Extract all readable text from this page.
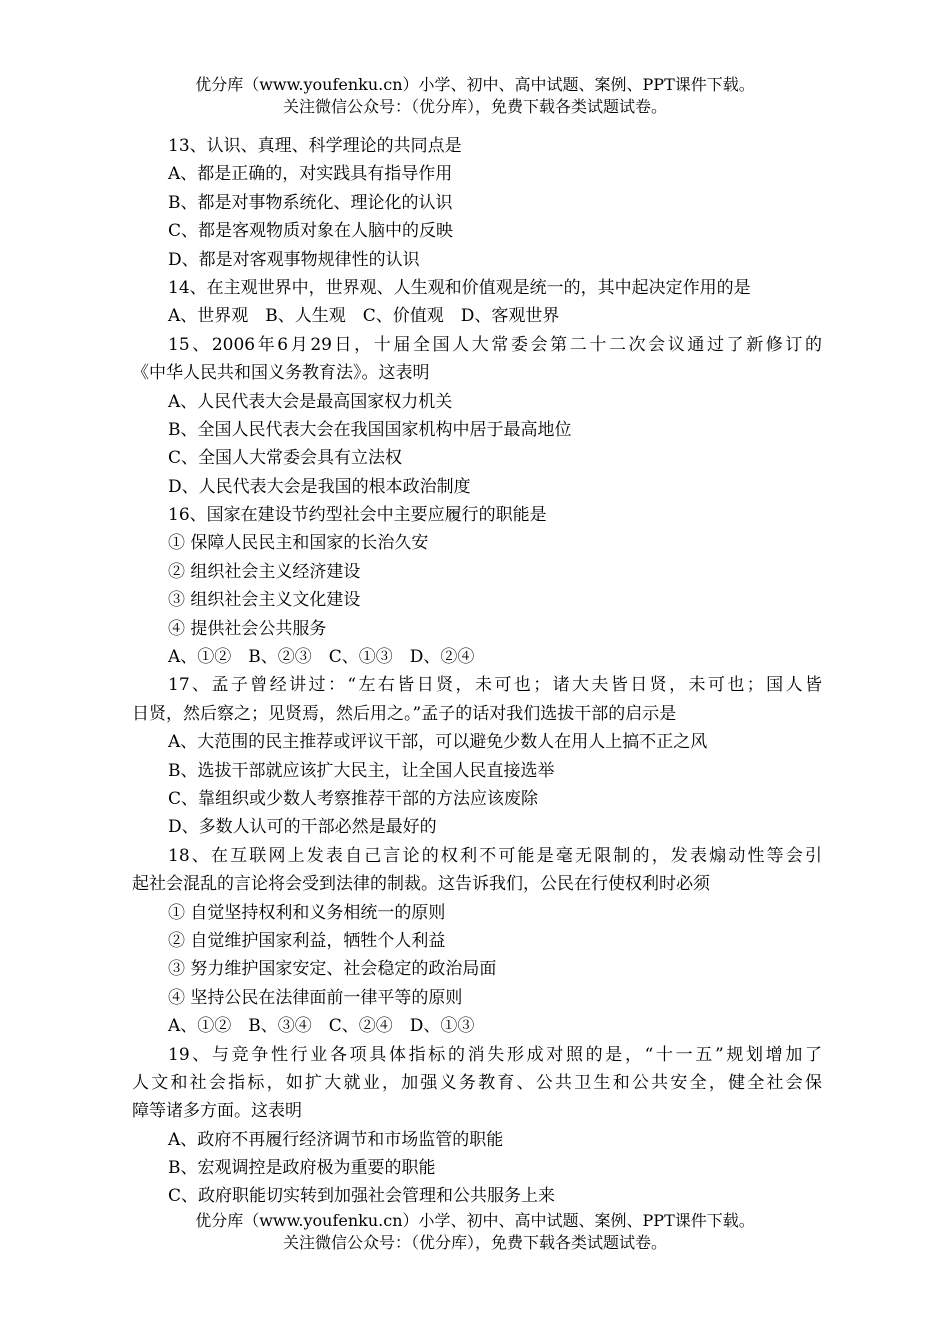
优分库（www.youfenku.cn）小学、初中、高中试题、案例、PPT课件下载。
关注微信公众号：（优分库），免费下载各类试题试卷。
13、认识、真理、科学理论的共同点是
A、都是正确的，对实践具有指导作用
B、都是对事物系统化、理论化的认识
C、都是客观物质对象在人脑中的反映
D、都是对客观事物规律性的认识
14、在主观世界中，世界观、人生观和价值观是统一的，其中起决定作用的是
A、世界观　B、人生观　C、价值观　D、客观世界
15、2006年6月29日，十届全国人大常委会第二十二次会议通过了新修订的
《中华人民共和国义务教育法》。这表明
A、人民代表大会是最高国家权力机关
B、全国人民代表大会在我国国家机构中居于最高地位
C、全国人大常委会具有立法权
D、人民代表大会是我国的根本政治制度
16、国家在建设节约型社会中主要应履行的职能是
① 保障人民民主和国家的长治久安
② 组织社会主义经济建设
③ 组织社会主义文化建设
④ 提供社会公共服务
A、①②　B、②③　C、①③　D、②④
17、孟子曾经讲过：“左右皆日贤，未可也；诸大夫皆日贤，未可也；国人皆
日贤，然后察之；见贤焉，然后用之。”孟子的话对我们选拔干部的启示是
A、大范围的民主推荐或评议干部，可以避免少数人在用人上搞不正之风
B、选拔干部就应该扩大民主，让全国人民直接选举
C、靠组织或少数人考察推荐干部的方法应该废除
D、多数人认可的干部必然是最好的
18、在互联网上发表自己言论的权利不可能是毫无限制的，发表煽动性等会引
起社会混乱的言论将会受到法律的制裁。这告诉我们，公民在行使权利时必须
① 自觉坚持权利和义务相统一的原则
② 自觉维护国家利益，牺牲个人利益
③ 努力维护国家安定、社会稳定的政治局面
④ 坚持公民在法律面前一律平等的原则
A、①②　B、③④　C、②④　D、①③
19、与竞争性行业各项具体指标的消失形成对照的是，“十一五”规划增加了
人文和社会指标，如扩大就业，加强义务教育、公共卫生和公共安全，健全社会保
障等诸多方面。这表明
A、政府不再履行经济调节和市场监管的职能
B、宏观调控是政府极为重要的职能
C、政府职能切实转到加强社会管理和公共服务上来
优分库（www.youfenku.cn）小学、初中、高中试题、案例、PPT课件下载。
关注微信公众号：（优分库），免费下载各类试题试卷。
